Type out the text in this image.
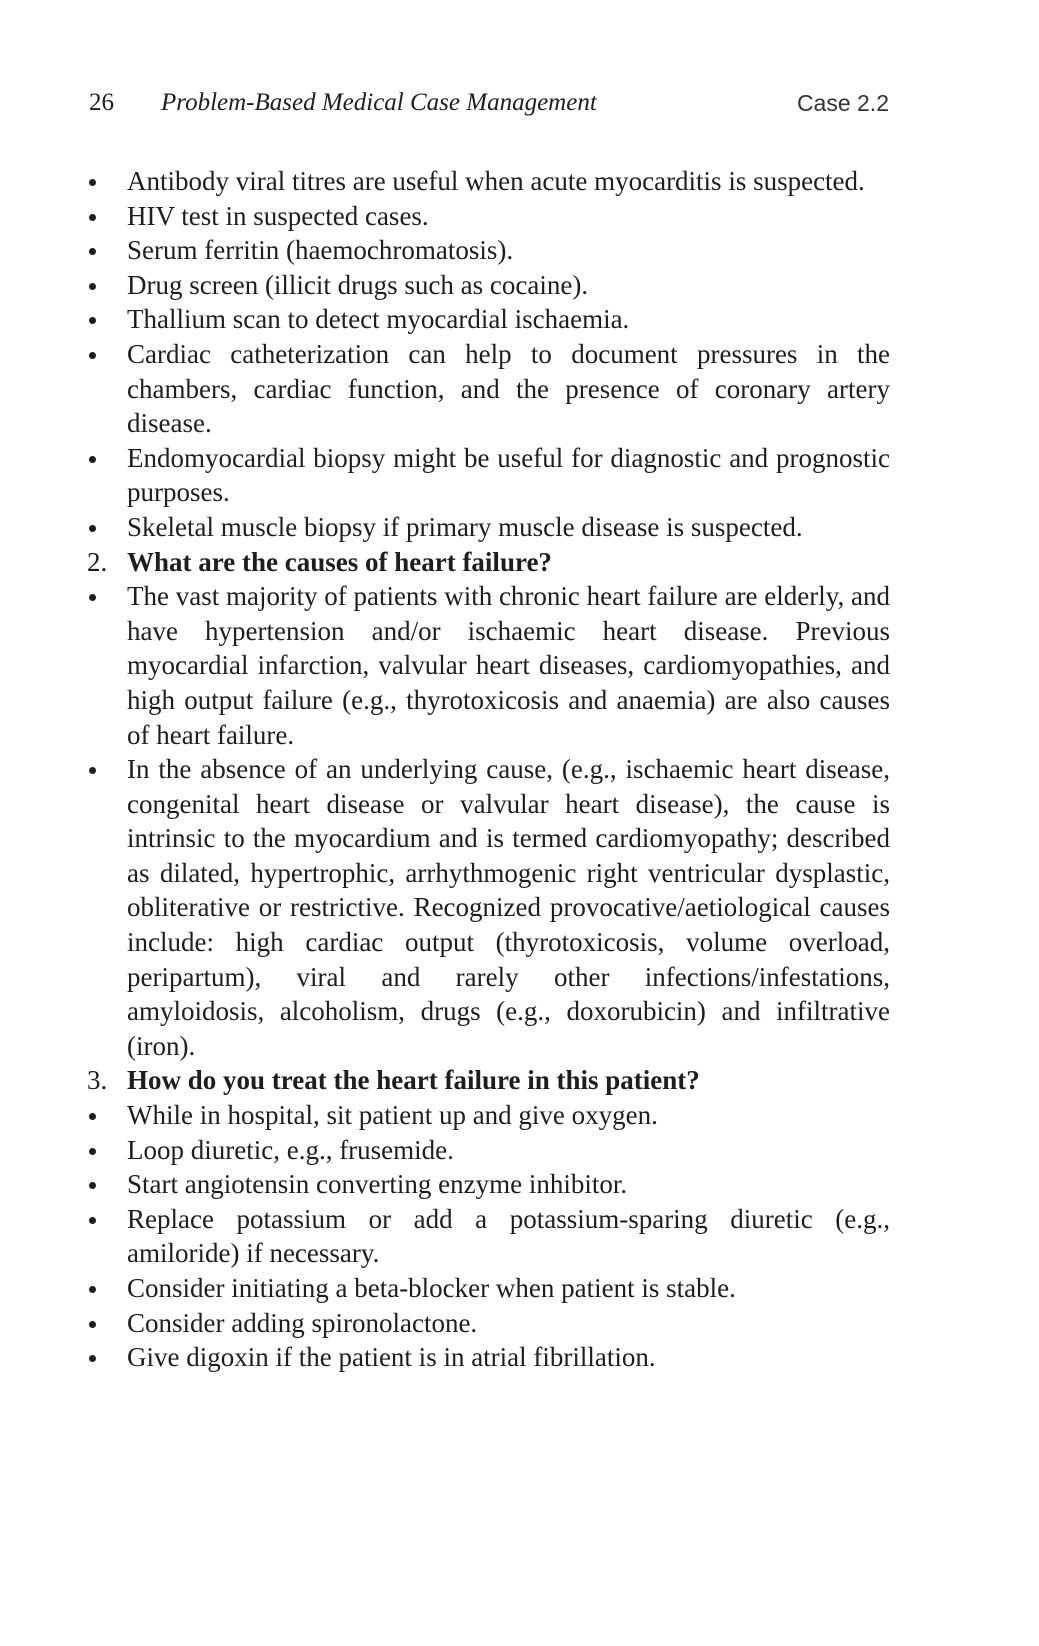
26 Problem-Based Medical Case Management	Case 2.2
Antibody viral titres are useful when acute myocarditis is suspected.
HIV test in suspected cases.
Serum ferritin (haemochromatosis).
Drug screen (illicit drugs such as cocaine).
Thallium scan to detect myocardial ischaemia.
Cardiac catheterization can help to document pressures in the chambers, cardiac function, and the presence of coronary artery disease.
Endomyocardial biopsy might be useful for diagnostic and prognostic purposes.
Skeletal muscle biopsy if primary muscle disease is suspected.
2. What are the causes of heart failure?
The vast majority of patients with chronic heart failure are elderly, and have hypertension and/or ischaemic heart disease. Previous myocardial infarction, valvular heart diseases, cardiomyopathies, and high output failure (e.g., thyrotoxicosis and anaemia) are also causes of heart failure.
In the absence of an underlying cause, (e.g., ischaemic heart disease, congenital heart disease or valvular heart disease), the cause is intrinsic to the myocardium and is termed cardiomyopathy; described as dilated, hypertrophic, arrhythmogenic right ventricular dysplastic, obliterative or restrictive. Recognized provocative/aetiological causes include: high cardiac output (thyrotoxicosis, volume overload, peripartum), viral and rarely other infections/infestations, amyloidosis, alcoholism, drugs (e.g., doxorubicin) and infiltrative (iron).
3. How do you treat the heart failure in this patient?
While in hospital, sit patient up and give oxygen.
Loop diuretic, e.g., frusemide.
Start angiotensin converting enzyme inhibitor.
Replace potassium or add a potassium-sparing diuretic (e.g., amiloride) if necessary.
Consider initiating a beta-blocker when patient is stable.
Consider adding spironolactone.
Give digoxin if the patient is in atrial fibrillation.
